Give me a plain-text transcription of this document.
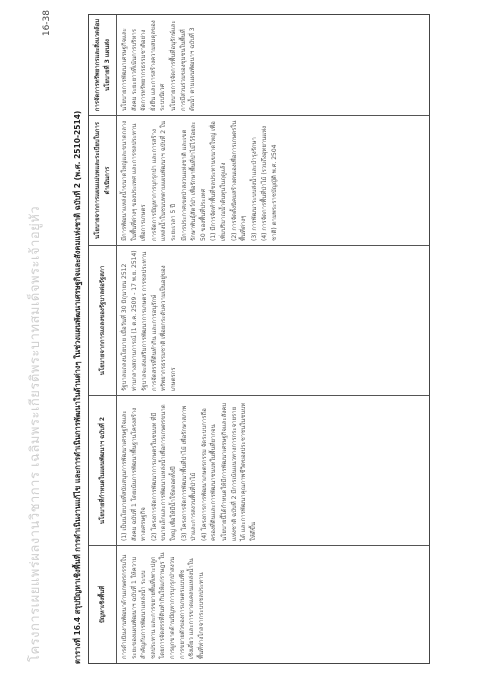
โครงการเผยแพร่ผลงานวิชาการ เฉลิมพระเกียรติพระบาทสมเด็จพระเจ้าอยู่หัว
16-38
ตารางที่ 16.4 สรุปปัญหาเชิงพื้นที่ การดำเนินงานแก้ไข และการดำเนินการพัฒนาในด้านต่างๆ ในช่วงแผนพัฒนาเศรษฐกิจและสังคมแห่งชาติ ฉบับที่ 2 (พ.ศ. 2510-2514)	ปัญหาเชิงพื้นที่
นโยบายที่กำหนดในแผนพัฒนาฯ ฉบับที่ 2
นโยบายจากการแถลงของรัฐบาลต่อรัฐสภา
นโยบายจากการแผนแม่บทและระเบียบในการดำเนินการ
การจัดการทรัพยากรและสิ่งแวดล้อม นโยบายที่ 3 แผนส่ง

การดำเนินงานพัฒนาด้านเกษตรกรรมในระยะของแผนพัฒนาฯ ฉบับที่ 1 ให้ความสำคัญกับการพัฒนาแหล่งน้ำ ระบบชลประทาน และการขยายพื้นที่เพาะปลูก โดยการจัดสรรที่ดินทำกินให้แก่ราษฎร ในการผูกขาดด้านปัญหาการบุกรุกป่าสงวน การขยายตัวของการเกษตรแบบพืชเชิงเดี่ยว และการขาดแคลนแหล่งน้ำในพื้นที่ห่างไกลจากระบบชลประทาน

(1) เป็นนโยบายที่สนับสนุนการพัฒนาเศรษฐกิจและสังคม ฉบับที่ 1 โดยเน้นการพัฒนาพื้นฐานโครงสร้างทางเศรษฐกิจ (2) โครงการจัดการพัฒนาการเกษตรในชนบท ที่มีขนาดเล็กและการพัฒนาแหล่งน้ำเพื่อการเกษตรขนาดใหญ่ เพื่อให้มีน้ำใช้ตลอดทั้งปี (3) โครงการจัดการพัฒนาพื้นที่ป่าไม้ เพื่อรักษาสภาพป่าและการสงวนพื้นที่ป่าไม้ (4) โครงการการพัฒนาเกษตรกรรม จัดระบบการถือครองที่ดินและการพัฒนาชนบทในพื้นที่ยากจน นโยบายนี้ได้กำหนดให้มีการพัฒนาเศรษฐกิจและสังคมแห่งชาติ ฉบับที่ 2 มีการเน้นแนวทางการกระจายรายได้ และการพัฒนาคุณภาพชีวิตของประชาชนในชนบทให้ดีขึ้น

รัฐบาลแถลงนโยบาย เมื่อวันที่ 30 มิถุนายน 2512 ท่ามกลางสถานการณ์ (1 ต.ค. 2509 - 17 พ.ย. 2514) รัฐบาลจะส่งเสริมการพัฒนาการเกษตร การชลประทาน การจัดสรรที่ดินทำกิน และการอนุรักษ์ทรัพยากรธรรมชาติ เพื่อยกระดับความเป็นอยู่ของเกษตรกร

มีการพัฒนาแหล่งน้ำขนาดใหญ่และขนาดกลาง ในพื้นที่ต่างๆ ของประเทศ และการชลประทานเพื่อการเกษตร การจัดการปัญหาการบุกรุกป่า และการสร้างแหล่งน้ำในชนบทตามแผนพัฒนาฯ ฉบับที่ 2 ในระยะเวลา 5 ปี มีการประกาศเขตป่าสงวนแห่งชาติ และเขตรักษาพันธุ์สัตว์ป่า เพื่อรักษาพื้นที่ป่าไม้ไว้ร้อยละ 50 ของพื้นที่ประเทศ (1) มีการจัดทำพื้นที่ชลประทานขนาดใหญ่ เพื่อเพิ่มปริมาณน้ำต้นทุนในฤดูแล้ง (2) การจัดตั้งนิคมสร้างตนเองเพื่อการเกษตรในพื้นที่ต่างๆ (3) การพัฒนาระบบส่งน้ำและบำรุงรักษา (4) การจัดการพื้นที่ป่าไม้ (รวมถึงอุทยานแห่งชาติ) ตามพระราชบัญญัติ พ.ศ. 2504

นโยบายการพัฒนาเศรษฐกิจและสังคม ระยะยาวที่เน้นการบริหารจัดการทรัพยากรธรรมชาติอย่างยั่งยืน และการสร้างความสมดุลของระบบนิเวศ นโยบายการจัดการพื้นที่อนุรักษ์และการมีส่วนร่วมของชุมชนในพื้นที่ต้นน้ำ ตามแผนพัฒนาฯ ฉบับที่ 3
